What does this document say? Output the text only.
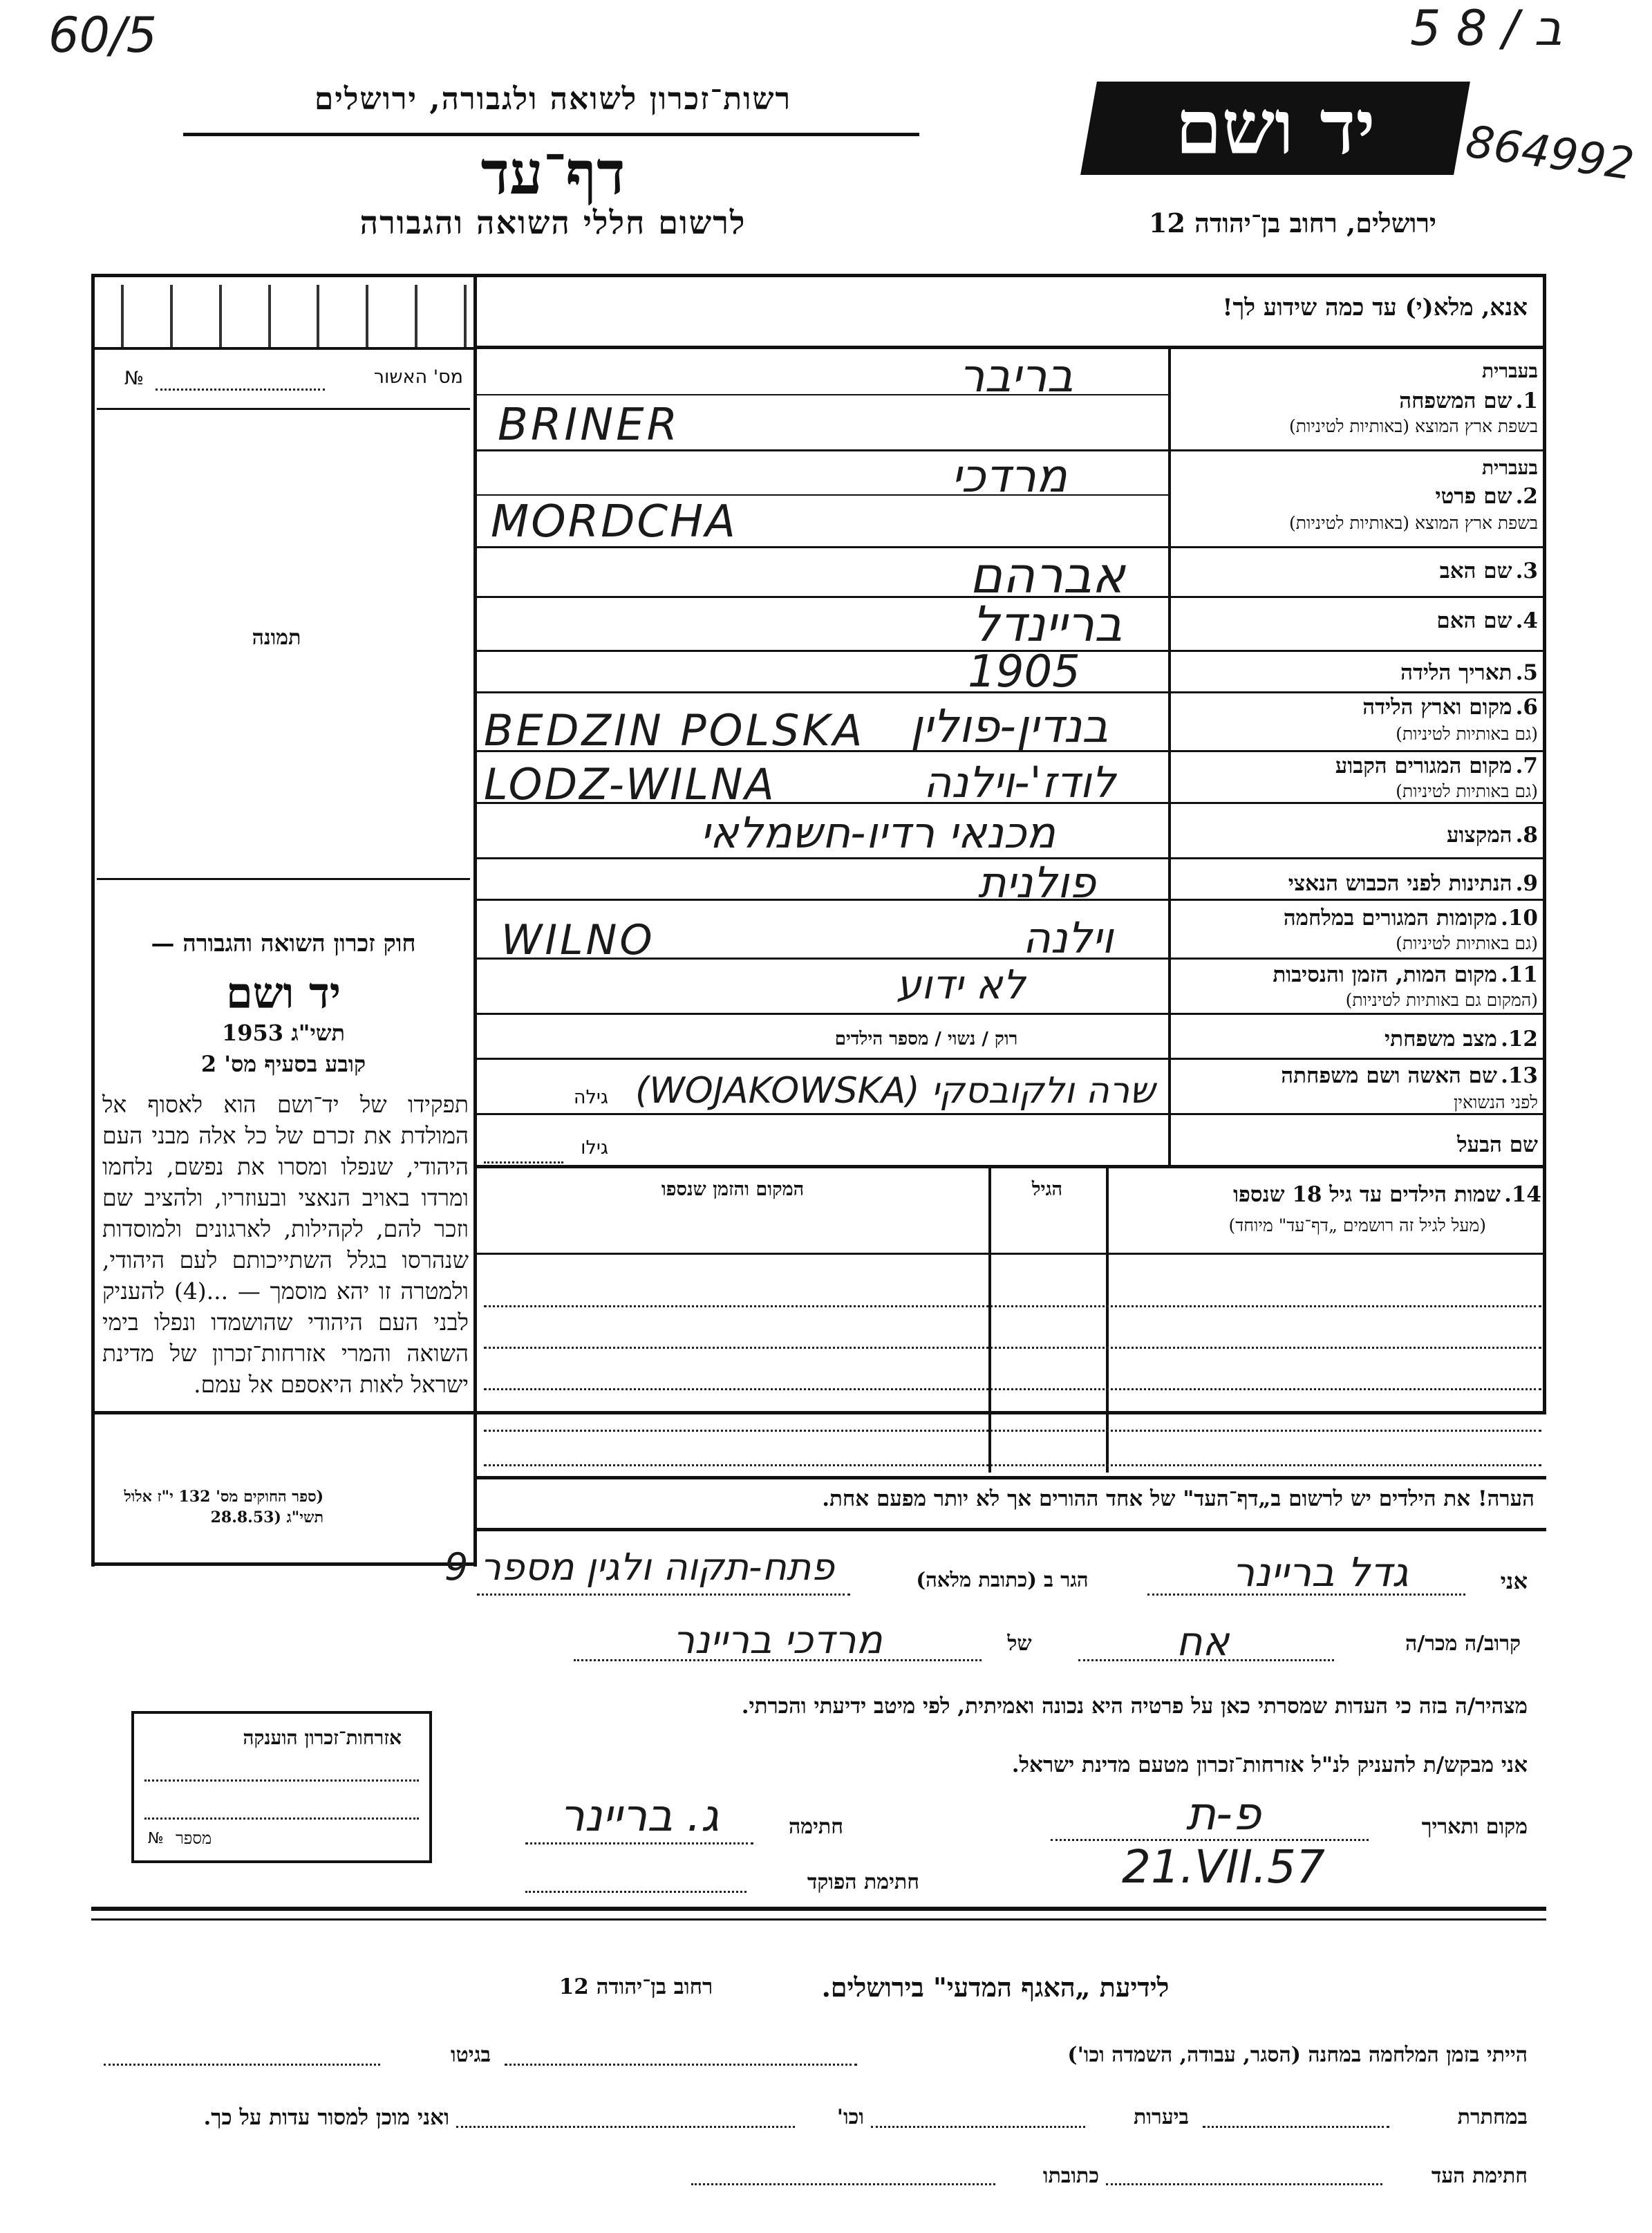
60/5	5 8 / ב
864992
רשות־זכרון לשואה ולגבורה, ירושלים
דף־עד
לרשום חללי השואה והגבורה
יד ושם
ירושלים, רחוב בן־יהודה 12
מס' האשור
№
תמונה
חוק זכרון השואה והגבורה —
יד ושם
תשי"ג 1953
קובע בסעיף מס' 2
תפקידו של יד־ושם הוא לאסוף אל המולדת את זכרם של כל אלה מבני העם היהודי, שנפלו ומסרו את נפשם, נלחמו ומרדו באויב הנאצי ובעוזריו, ולהציב שם וזכר להם, לקהילות, לארגונים ולמוסדות שנהרסו בגלל השתייכותם לעם היהודי, ולמטרה זו יהא מוסמך — ...(4) להעניק לבני העם היהודי שהושמדו ונפלו בימי השואה והמרי אזרחות־זכרון של מדינת ישראל לאות היאספם אל עמם.
(ספר החוקים מס' 132 י"ז אלול תשי"ג (28.8.53
אנא, מלא(י) עד כמה שידוע לך!
בעברית
1. שם המשפחה
בשפת ארץ המוצא (באותיות לטיניות)
בריבר
BRINER
בעברית
2. שם פרטי
בשפת ארץ המוצא (באותיות לטיניות)
מרדכי
MORDCHA
3. שם האב
אברהם
4. שם האם
בריינדל
5. תאריך הלידה
1905
6. מקום וארץ הלידה
(גם באותיות לטיניות)
BEDZIN POLSKA בנדין-פולין
7. מקום המגורים הקבוע
(גם באותיות לטיניות)
LODZ-WILNA	לודז'-וילנה
8. המקצוע
מכנאי רדיו-חשמלאי
9. הנתינות לפני הכבוש הנאצי
פולנית
10. מקומות המגורים במלחמה
(גם באותיות לטיניות)
WILNO	וילנה
11. מקום המות, הזמן והנסיבות
(המקום גם באותיות לטיניות)
לא ידוע
12. מצב משפחתי
רוק / נשוי / מספר הילדים
13. שם האשה ושם משפחתה
לפני הנשואין
גילה שרה ולקובסקי (WOJAKOWSKA)
שם הבעל
גילו
14. שמות הילדים עד גיל 18 שנספו
(מעל לגיל זה רושמים „דף־עד" מיוחד)
הגיל
המקום והזמן שנספו
הערה! את הילדים יש לרשום ב„דף־העד" של אחד ההורים אך לא יותר מפעם אחת.
אני
גדל בריינר
הגר ב (כתובת מלאה)
פתח-תקוה ולגין מספר 9
קרוב/ה מכר/ה
אח
של
מרדכי בריינר
מצהיר/ה בזה כי העדות שמסרתי כאן על פרטיה היא נכונה ואמיתית, לפי מיטב ידיעתי והכרתי.
אני מבקש/ת להעניק לנ"ל אזרחות־זכרון מטעם מדינת ישראל.
מקום ותאריך
פ-ת 21.VII.57
חתימה
ג. בריינר
חתימת הפוקד
אזרחות־זכרון הוענקה
№ מספר
לידיעת „האגף המדעי" בירושלים.
רחוב בן־יהודה 12
הייתי בזמן המלחמה במחנה (הסגר, עבודה, השמדה וכו')
בגיטו
במחתרת
ביערות
וכו'
ואני מוכן למסור עדות על כך.
חתימת העד
כתובתו
